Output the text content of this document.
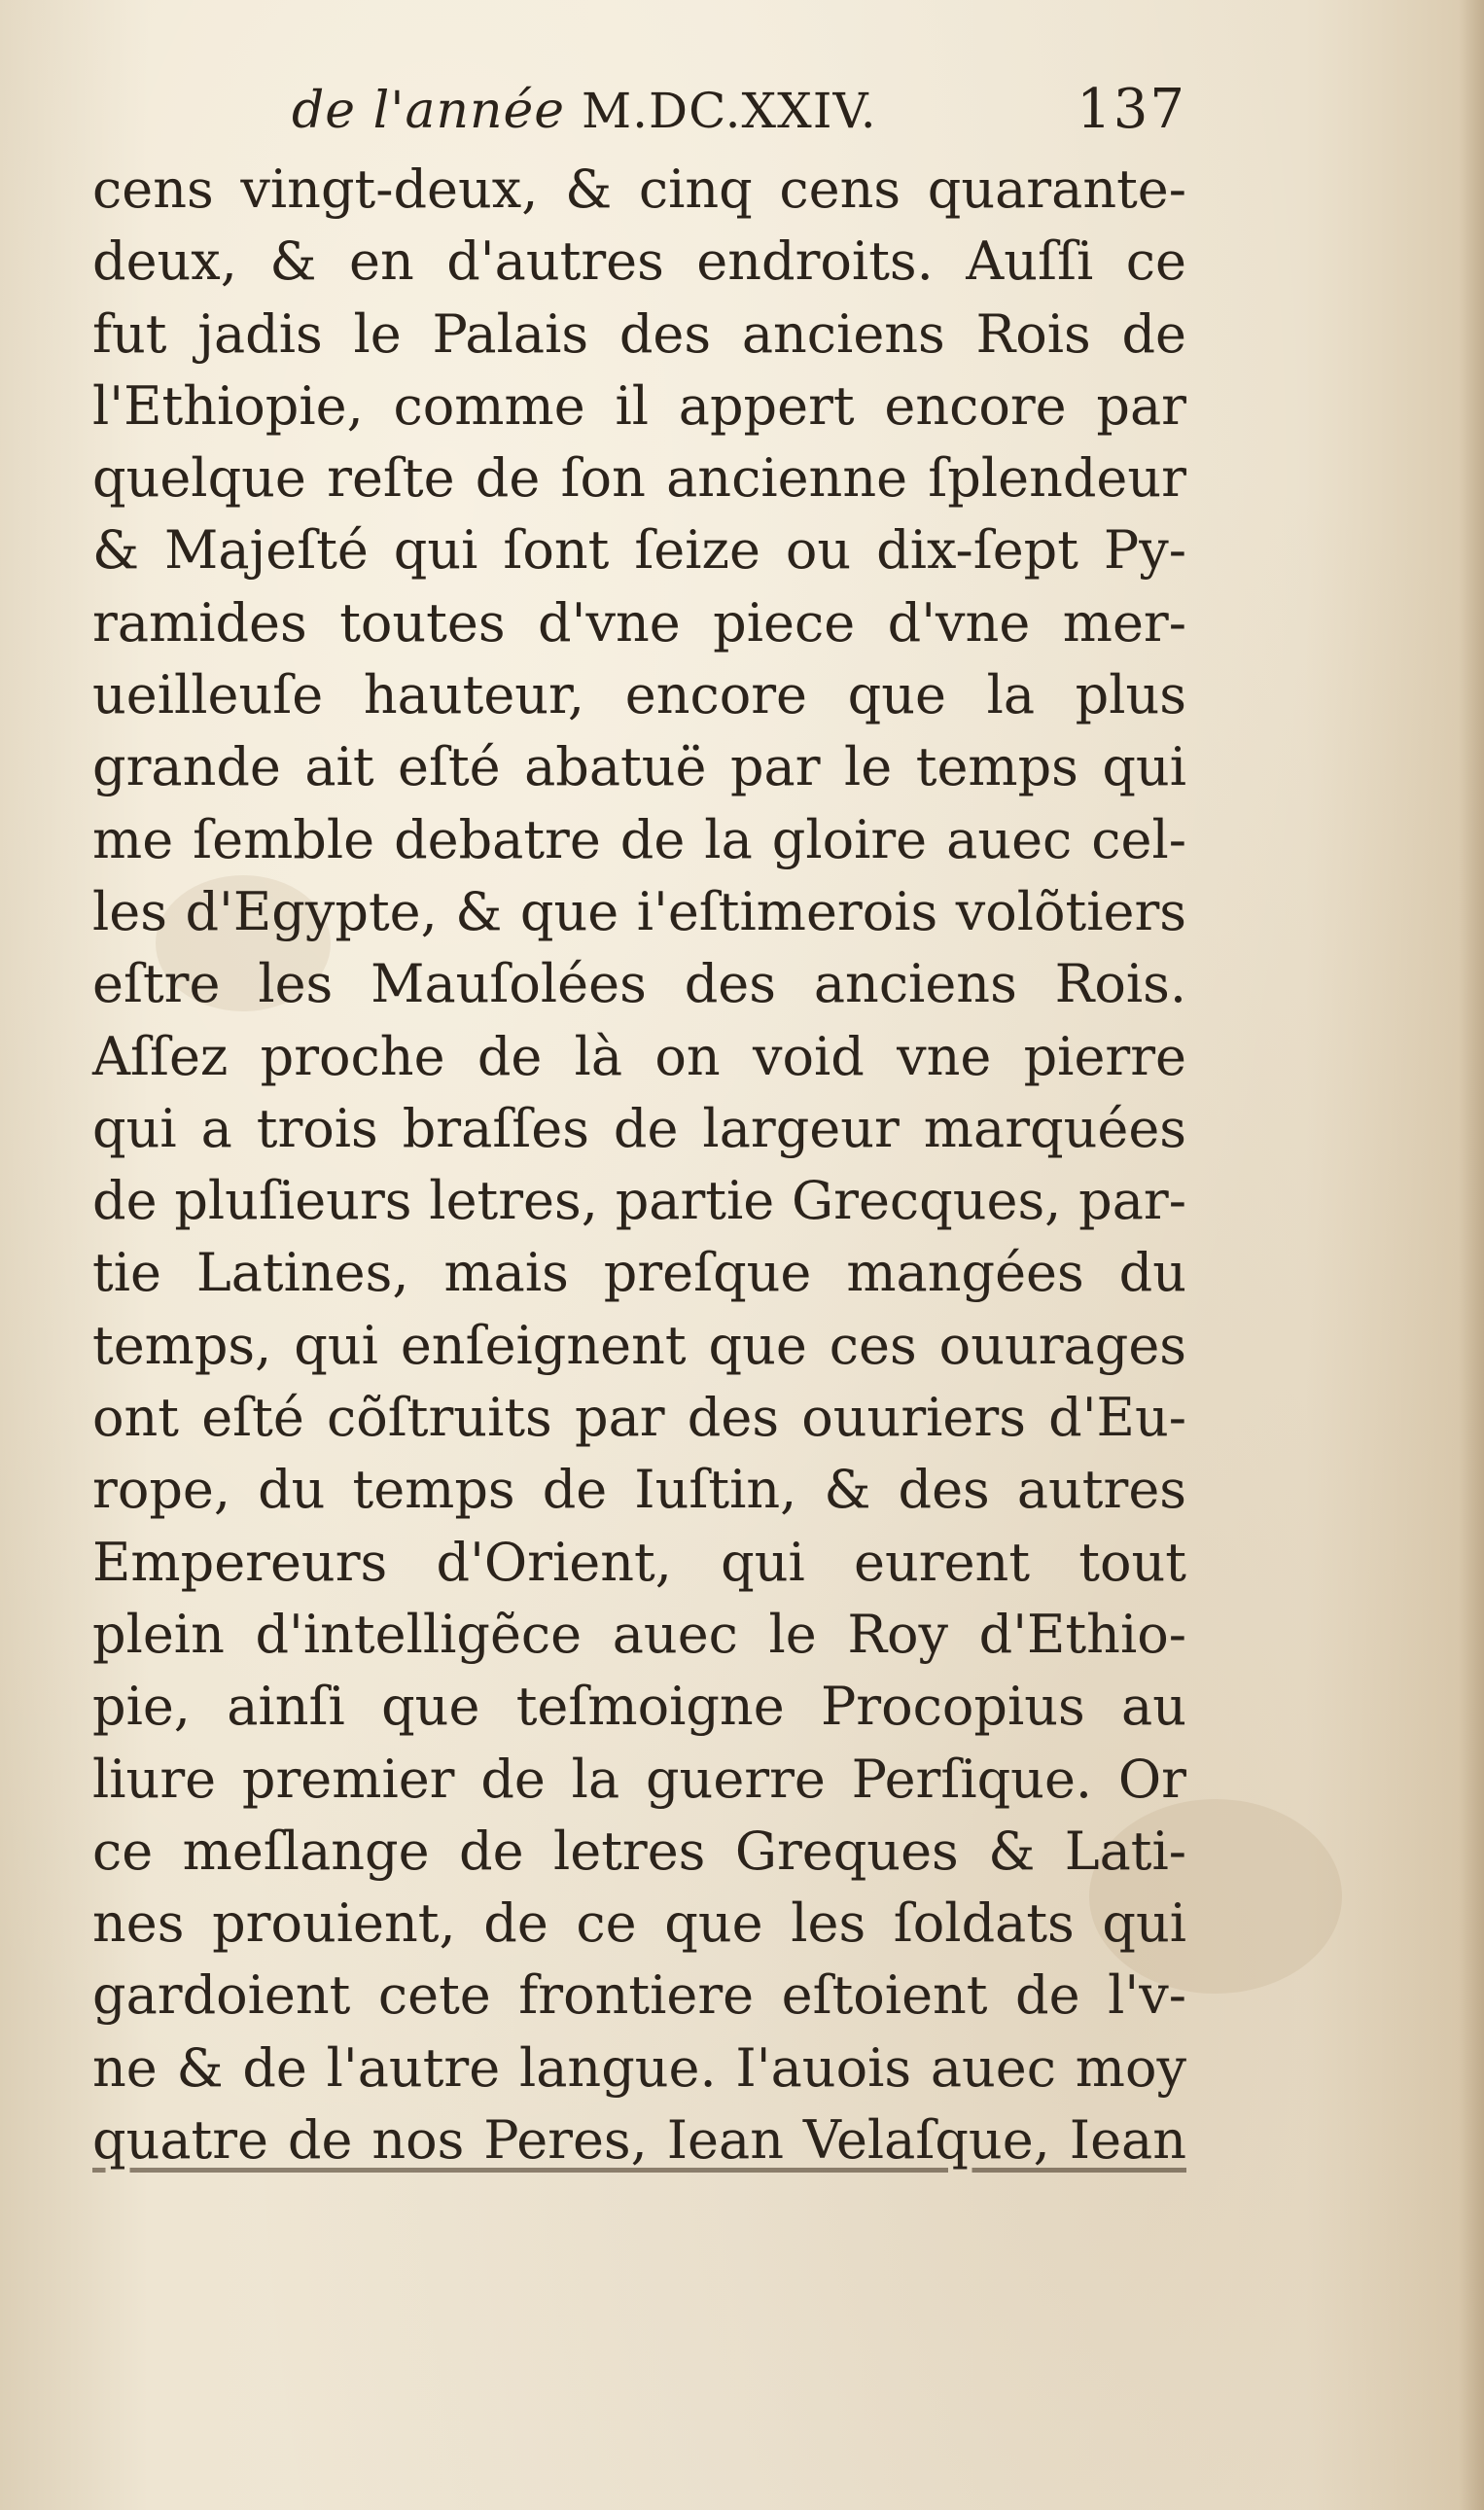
de l'année M.DC.XXIV.	137
cens vingt-deux, & cinq cens quarante-
deux, & en d'autres endroits. Auſſi ce
fut jadis le Palais des anciens Rois de
l'Ethiopie, comme il appert encore par
quelque reſte de ſon ancienne ſplendeur
& Majeſté qui ſont ſeize ou dix-ſept Py-
ramides toutes d'vne piece d'vne mer-
ueilleuſe hauteur, encore que la plus
grande ait eſté abatuë par le temps qui
me ſemble debatre de la gloire auec cel-
les d'Egypte, & que i'eſtimerois volõtiers
eſtre les Mauſolées des anciens Rois.
Aſſez proche de là on void vne pierre
qui a trois braſſes de largeur marquées
de pluſieurs letres, partie Grecques, par-
tie Latines, mais preſque mangées du
temps, qui enſeignent que ces ouurages
ont eſté cõſtruits par des ouuriers d'Eu-
rope, du temps de Iuſtin, & des autres
Empereurs d'Orient, qui eurent tout
plein d'intelligẽce auec le Roy d'Ethio-
pie, ainſi que teſmoigne Procopius au
liure premier de la guerre Perſique. Or
ce meſlange de letres Greques & Lati-
nes prouient, de ce que les ſoldats qui
gardoient cete frontiere eſtoient de l'v-
ne & de l'autre langue. I'auois auec moy
quatre de nos Peres, Iean Velaſque, Iean
